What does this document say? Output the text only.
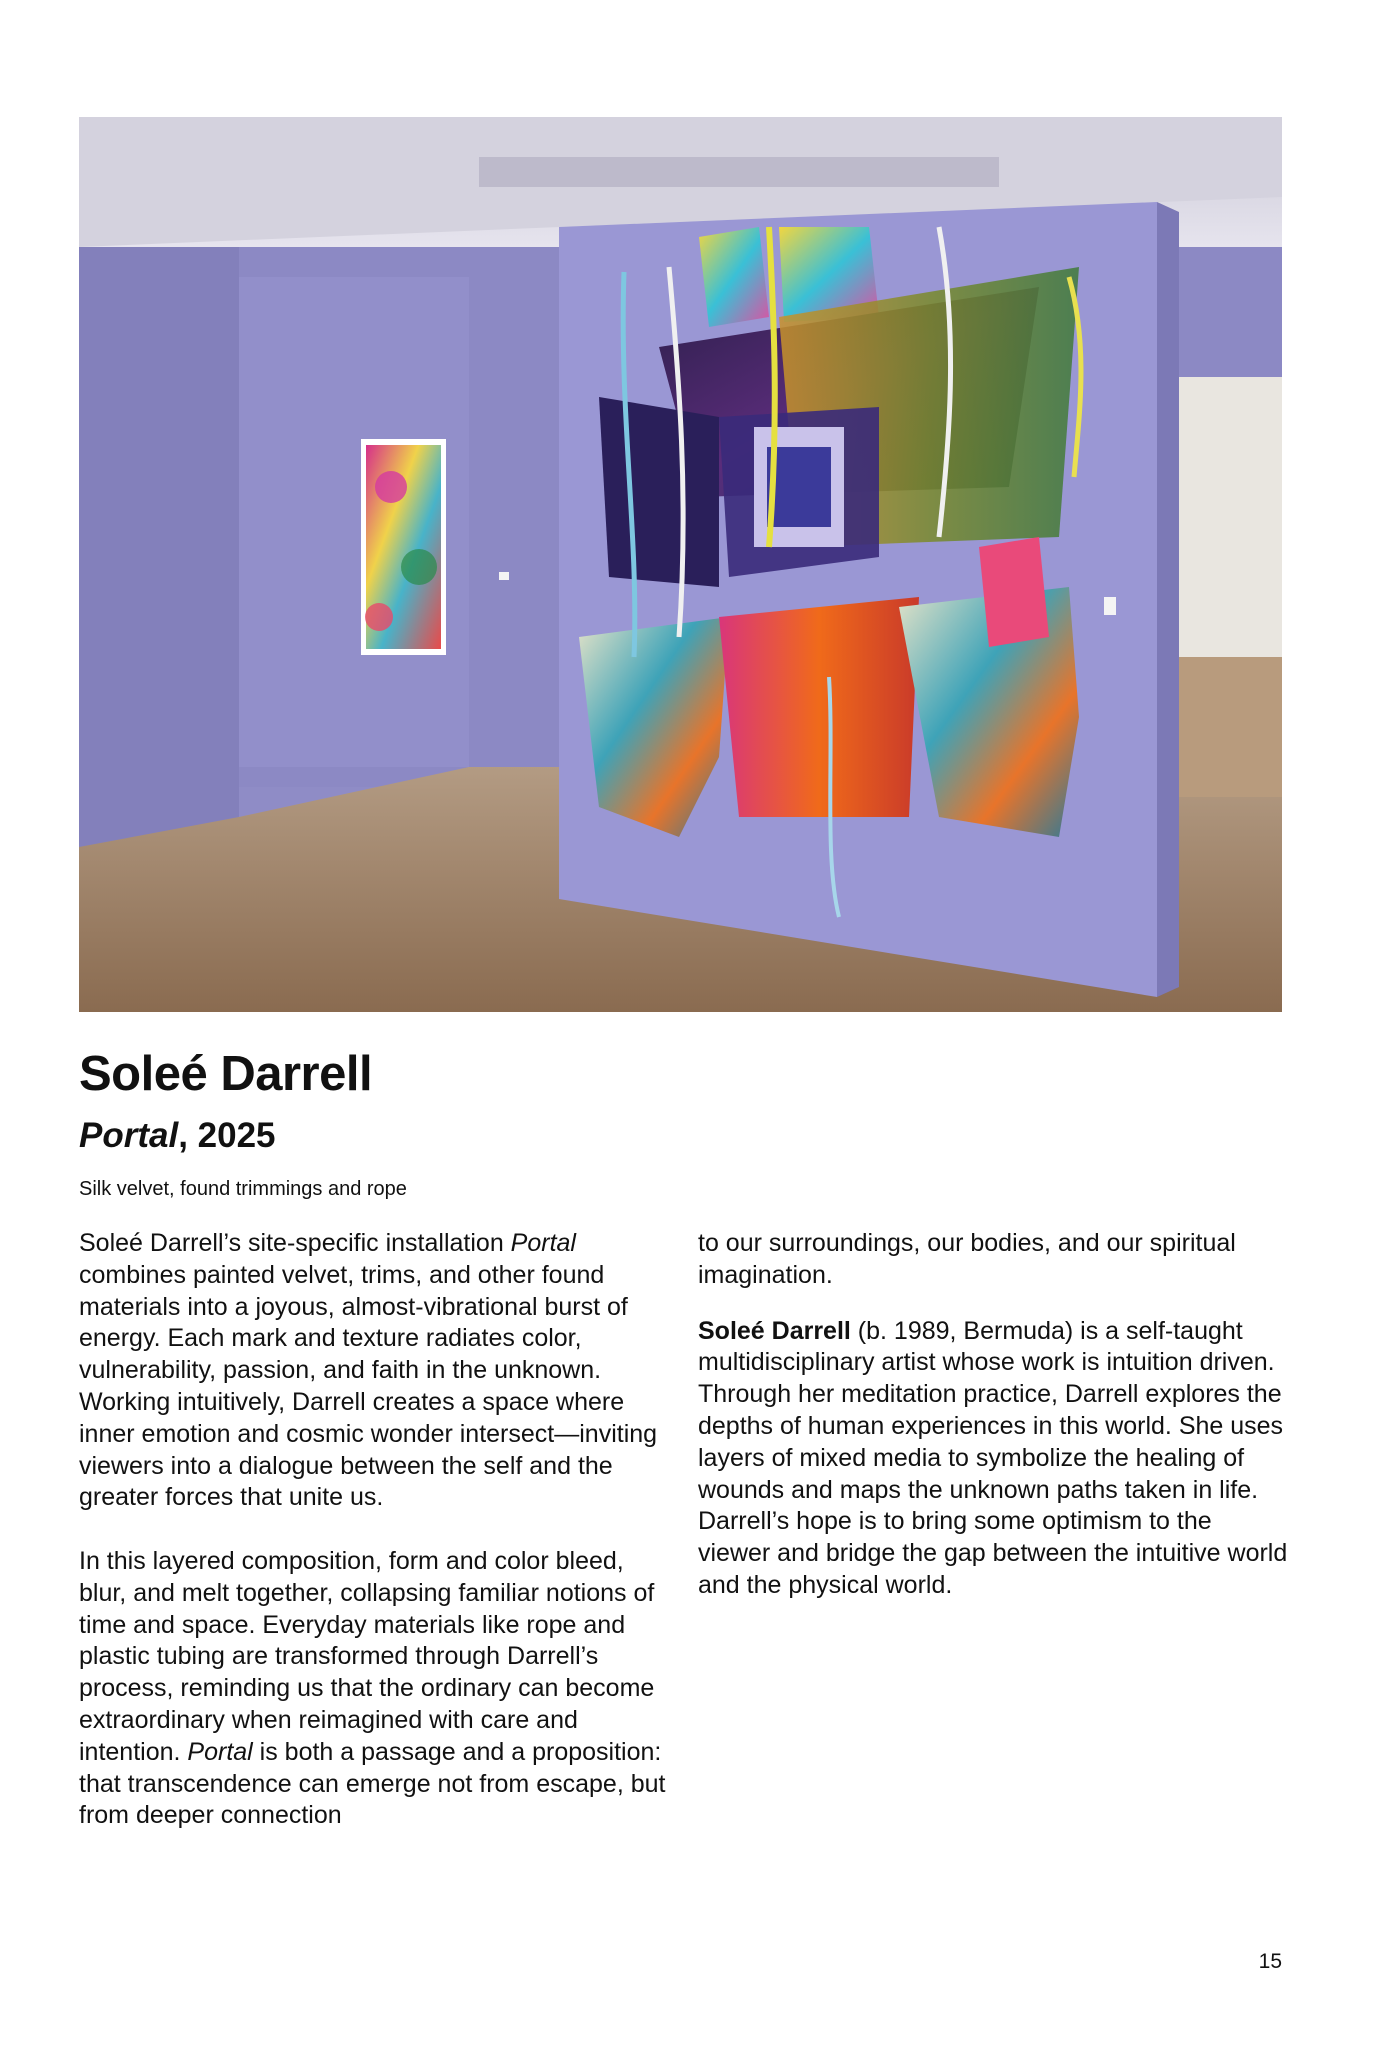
Soleé Darrell
Portal, 2025
Silk velvet, found trimmings and rope

Soleé Darrell’s site-specific installation Portal combines painted velvet, trims, and other found materials into a joyous, almost-vibrational burst of energy. Each mark and texture radiates color, vulnerability, passion, and faith in the unknown. Working intuitively, Darrell creates a space where inner emotion and cosmic wonder intersect—inviting viewers into a dialogue between the self and the greater forces that unite us.

In this layered composition, form and color bleed, blur, and melt together, collapsing familiar notions of time and space. Everyday materials like rope and plastic tubing are transformed through Darrell’s process, reminding us that the ordinary can become extraordinary when reimagined with care and intention. Portal is both a passage and a proposition: that transcendence can emerge not from escape, but from deeper connection

to our surroundings, our bodies, and our spiritual imagination.

Soleé Darrell (b. 1989, Bermuda) is a self-taught multidisciplinary artist whose work is intuition driven. Through her meditation practice, Darrell explores the depths of human experiences in this world. She uses layers of mixed media to symbolize the healing of wounds and maps the unknown paths taken in life. Darrell’s hope is to bring some optimism to the viewer and bridge the gap between the intuitive world and the physical world.

15
